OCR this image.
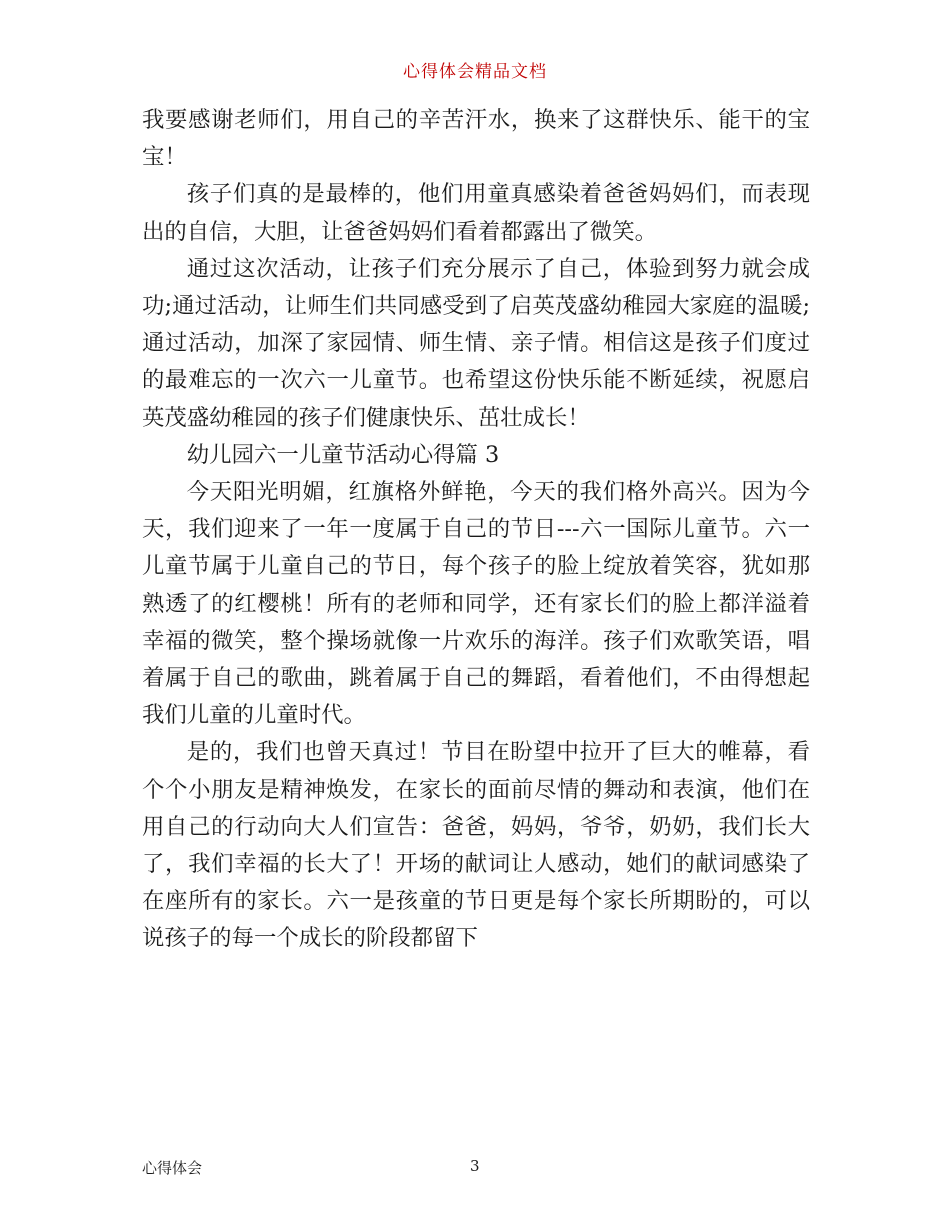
心得体会精品文档

我要感谢老师们，用自己的辛苦汗水，换来了这群快乐、能干的宝宝！

孩子们真的是最棒的，他们用童真感染着爸爸妈妈们，而表现出的自信，大胆，让爸爸妈妈们看着都露出了微笑。

通过这次活动，让孩子们充分展示了自己，体验到努力就会成功;通过活动，让师生们共同感受到了启英茂盛幼稚园大家庭的温暖;通过活动，加深了家园情、师生情、亲子情。相信这是孩子们度过的最难忘的一次六一儿童节。也希望这份快乐能不断延续，祝愿启英茂盛幼稚园的孩子们健康快乐、茁壮成长！

幼儿园六一儿童节活动心得篇 3

今天阳光明媚，红旗格外鲜艳，今天的我们格外高兴。因为今天，我们迎来了一年一度属于自己的节日---六一国际儿童节。六一儿童节属于儿童自己的节日，每个孩子的脸上绽放着笑容，犹如那熟透了的红樱桃！所有的老师和同学，还有家长们的脸上都洋溢着幸福的微笑，整个操场就像一片欢乐的海洋。孩子们欢歌笑语，唱着属于自己的歌曲，跳着属于自己的舞蹈，看着他们，不由得想起我们儿童的儿童时代。

是的，我们也曾天真过！节目在盼望中拉开了巨大的帷幕，看个个小朋友是精神焕发，在家长的面前尽情的舞动和表演，他们在用自己的行动向大人们宣告：爸爸，妈妈，爷爷，奶奶，我们长大了，我们幸福的长大了！开场的献词让人感动，她们的献词感染了在座所有的家长。六一是孩童的节日更是每个家长所期盼的，可以说孩子的每一个成长的阶段都留下

心得体会	3
